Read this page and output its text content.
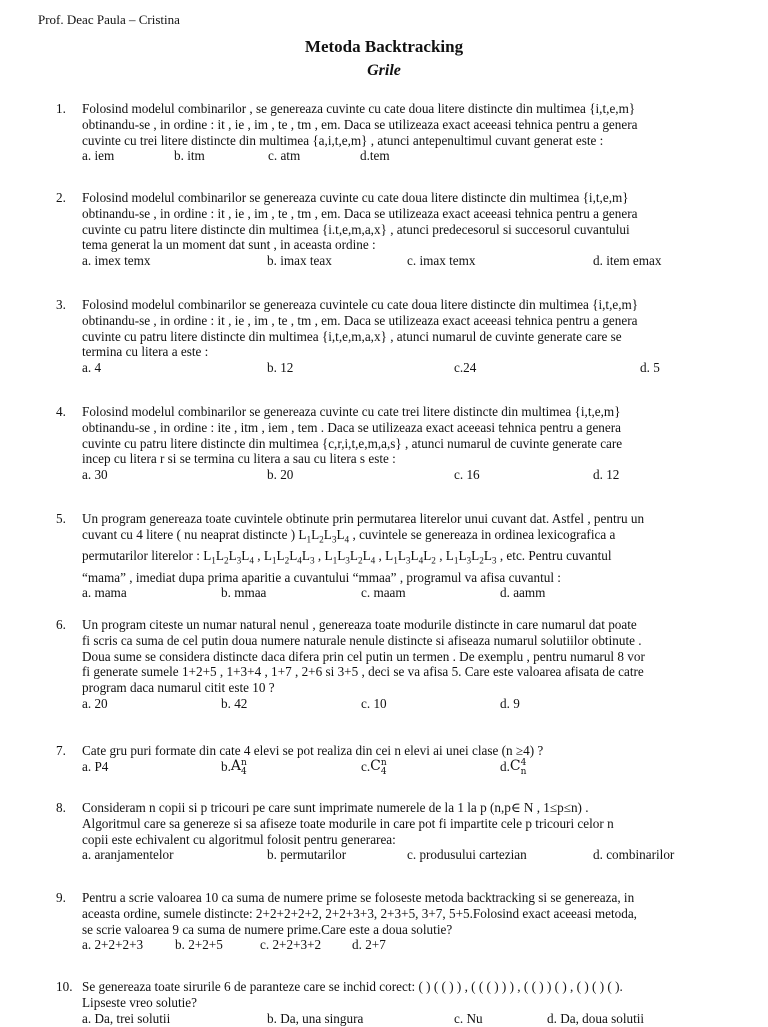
Prof. Deac Paula – Cristina
Metoda Backtracking
Grile
1.	Folosind modelul combinarilor , se genereaza cuvinte cu cate doua litere distincte din multimea {i,t,e,m}
obtinandu-se , in ordine : it , ie , im , te , tm , em. Daca se utilizeaza exact aceeasi tehnica pentru a genera
cuvinte cu trei litere distincte din multimea {a,i,t,e,m} , atunci antepenultimul cuvant generat este :
a. iem	b. itm	c. atm	d.tem
2.	Folosind modelul combinarilor se genereaza cuvinte cu cate doua litere distincte din multimea {i,t,e,m}
obtinandu-se , in ordine : it , ie , im , te , tm , em. Daca se utilizeaza exact aceeasi tehnica pentru a genera
cuvinte cu patru litere distincte din multimea {i.t,e,m,a,x} , atunci predecesorul si succesorul cuvantului
tema generat la un moment dat sunt , in aceasta ordine :
a. imex temx	b. imax teax	c. imax temx	d. item emax
3.	Folosind modelul combinarilor se genereaza cuvintele cu cate doua litere distincte din multimea {i,t,e,m}
obtinandu-se , in ordine : it , ie , im , te , tm , em. Daca se utilizeaza exact aceeasi tehnica pentru a genera
cuvinte cu patru litere distincte din multimea {i,t,e,m,a,x} , atunci numarul de cuvinte generate care se
termina cu litera a este :
a. 4	b. 12	c.24	d. 5
4.	Folosind modelul combinarilor se genereaza cuvinte cu cate trei litere distincte din multimea {i,t,e,m}
obtinandu-se , in ordine : ite , itm , iem , tem . Daca se utilizeaza exact aceeasi tehnica pentru a genera
cuvinte cu patru litere distincte din multimea {c,r,i,t,e,m,a,s} , atunci numarul de cuvinte generate care
incep cu litera r si se termina cu litera a sau cu litera s este :
a. 30	b. 20	c. 16	d. 12
5.	Un program genereaza toate cuvintele obtinute prin permutarea literelor unui cuvant dat. Astfel , pentru un
cuvant cu 4 litere ( nu neaprat distincte ) $L_1L_2L_3L_4$ , cuvintele se genereaza in ordinea lexicografica a
permutarilor literelor : $L_1L_2L_3L_4$ , $L_1L_2L_4L_3$ , $L_1L_3L_2L_4$ , $L_1L_3L_4L_2$ , $L_1L_3L_2L_3$ , etc. Pentru cuvantul
“mama” , imediat dupa prima aparitie a cuvantului “mmaa” , programul va afisa cuvantul :
a. mama	b. mmaa	c. maam	d. aamm
6.	Un program citeste un numar natural nenul , genereaza toate modurile distincte in care numarul dat poate
fi scris ca suma de cel putin doua numere naturale nenule distincte si afiseaza numarul solutiilor obtinute .
Doua sume se considera distincte daca difera prin cel putin un termen . De exemplu , pentru numarul 8 vor
fi generate sumele 1+2+5 , 1+3+4 , 1+7 , 2+6 si 3+5 , deci se va afisa 5. Care este valoarea afisata de catre
program daca numarul citit este 10 ?
a. 20	b. 42	c. 10	d. 9
7.	Cate gru puri formate din cate 4 elevi se pot realiza din cei n elevi ai unei clase (n ≥4) ?
a. P4	b. A n
4	c. C n
4	d. C 4
n
8.	Consideram n copii si p tricouri pe care sunt imprimate numerele de la 1 la p (n,p∈ N , 1≤p≤n) .
Algoritmul care sa genereze si sa afiseze toate modurile in care pot fi impartite cele p tricouri celor n
copii este echivalent cu algoritmul folosit pentru generarea:
a. aranjamentelor	b. permutarilor	c. produsului cartezian	d. combinarilor
9.	Pentru a scrie valoarea 10 ca suma de numere prime se foloseste metoda backtracking si se genereaza, in
aceasta ordine, sumele distincte: 2+2+2+2+2, 2+2+3+3, 2+3+5, 3+7, 5+5.Folosind exact aceeasi metoda,
se scrie valoarea 9 ca suma de numere prime.Care este a doua solutie?
a. 2+2+2+3 b. 2+2+5	c. 2+2+3+2 d. 2+7
10. Se genereaza toate sirurile 6 de paranteze care se inchid corect: ( ) ( ( ) ) , ( ( ( ) ) ) , ( ( ) ) ( ) , ( ) ( ) ( ).
Lipseste vreo solutie?
a. Da, trei solutii	b. Da, una singura	c. Nu	d. Da, doua solutii
